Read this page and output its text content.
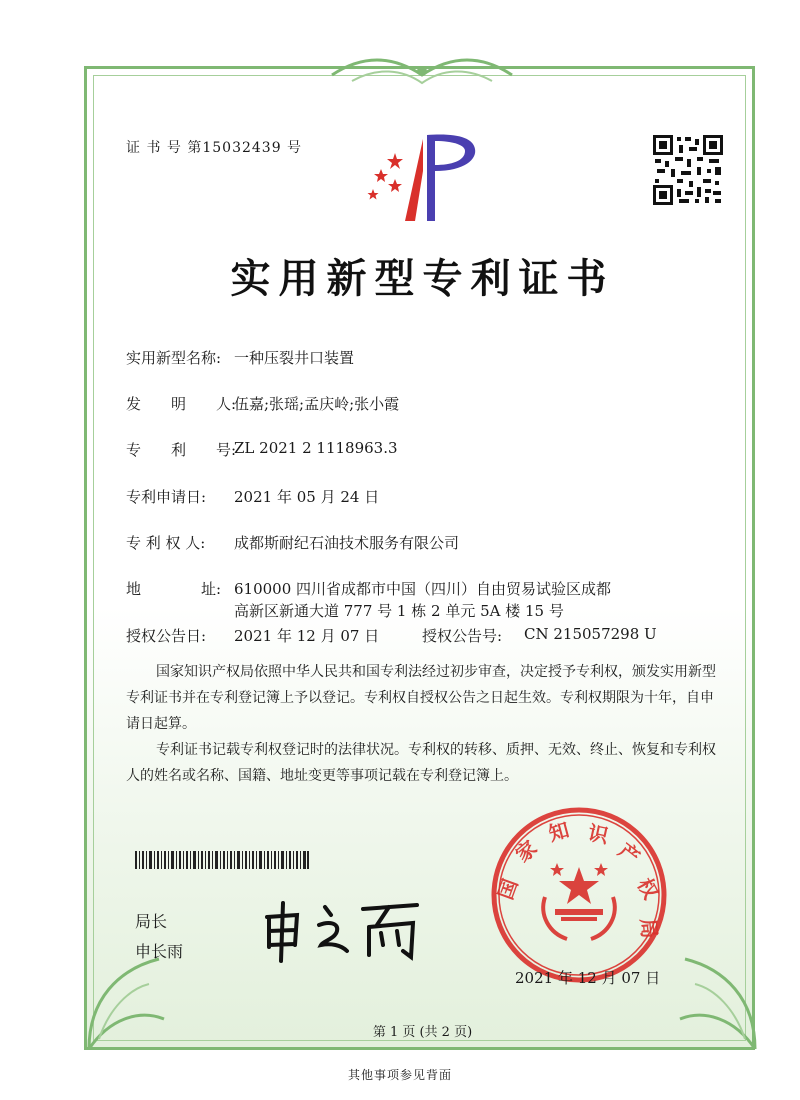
证 书 号 第15032439 号
实用新型专利证书
实用新型名称: 一种压裂井口装置
发　　明　　人:
伍嘉;张瑶;孟庆岭;张小霞
专　　利　　号:
ZL 2021 2 1118963.3
专利申请日: 2021 年 05 月 24 日
专 利 权 人: 成都斯耐纪石油技术服务有限公司
地　　　　址: 610000 四川省成都市中国（四川）自由贸易试验区成都
高新区新通大道 777 号 1 栋 2 单元 5A 楼 15 号
授权公告日: 2021 年 12 月 07 日	授权公告号: CN 215057298 U
国家知识产权局依照中华人民共和国专利法经过初步审查，决定授予专利权，颁发实用新型专利证书并在专利登记簿上予以登记。专利权自授权公告之日起生效。专利权期限为十年，自申请日起算。
专利证书记载专利权登记时的法律状况。专利权的转移、质押、无效、终止、恢复和专利权人的姓名或名称、国籍、地址变更等事项记载在专利登记簿上。
局长
申长雨
国
家
知 识
产
权
局
2021 年 12 月 07 日
第 1 页 (共 2 页)
其他事项参见背面
